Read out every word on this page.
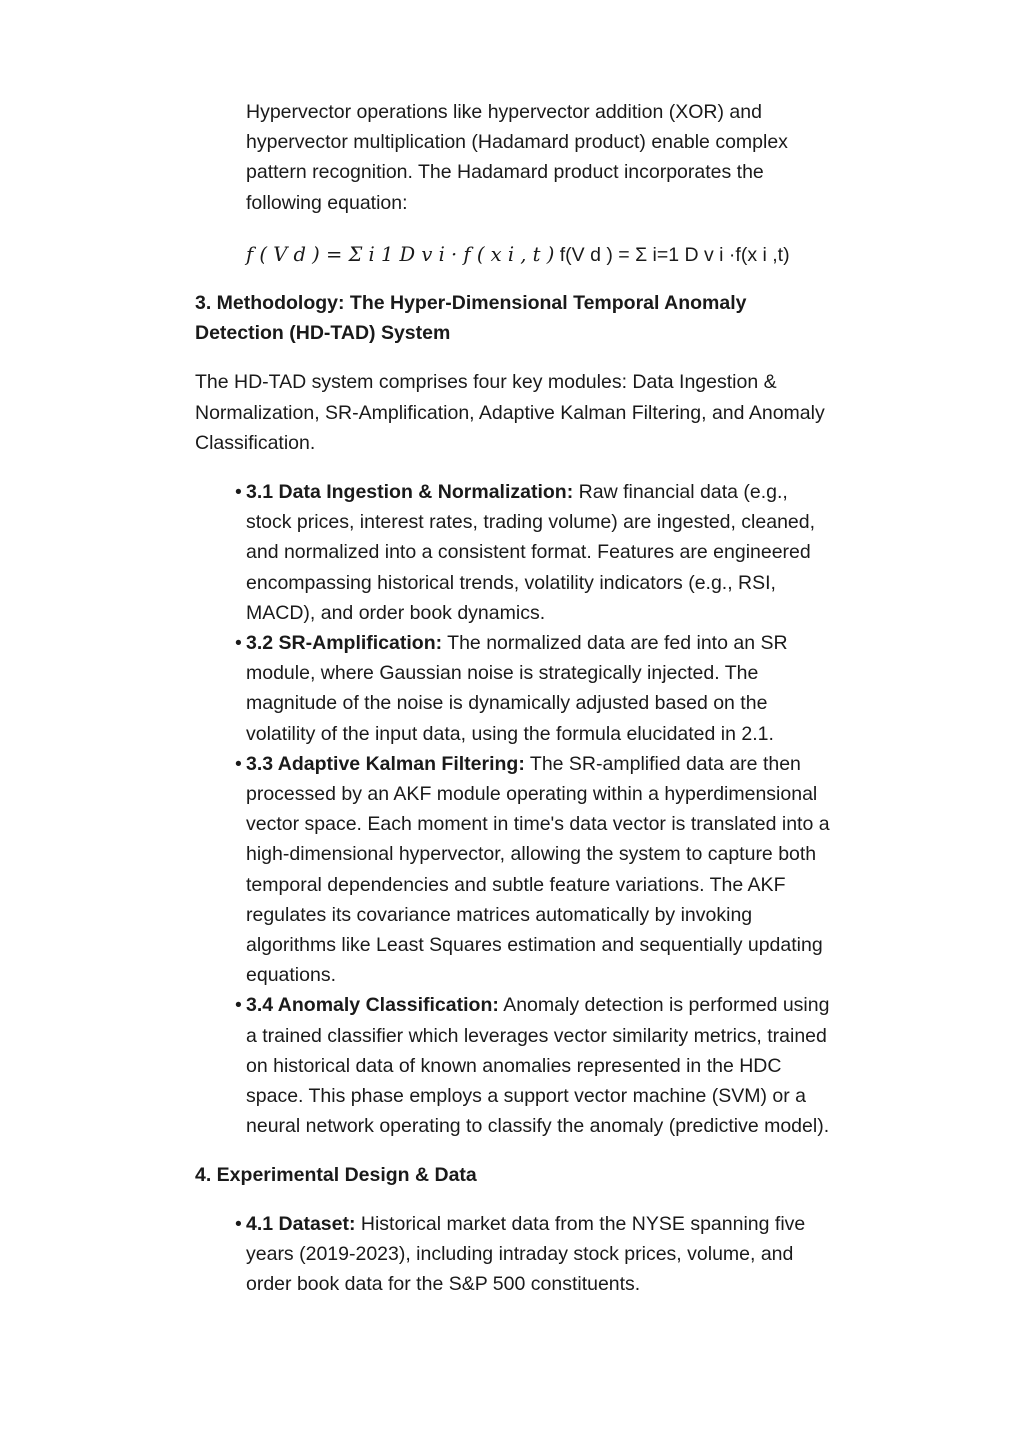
Hypervector operations like hypervector addition (XOR) and hypervector multiplication (Hadamard product) enable complex pattern recognition. The Hadamard product incorporates the following equation:

f ( V d ) = Σ i 1 D v i · f ( x i , t ) f(V d ) = Σ i=1 D v i ·f(x i ,t)

3. Methodology: The Hyper-Dimensional Temporal Anomaly Detection (HD-TAD) System

The HD-TAD system comprises four key modules: Data Ingestion & Normalization, SR-Amplification, Adaptive Kalman Filtering, and Anomaly Classification.

• 3.1 Data Ingestion & Normalization: Raw financial data (e.g., stock prices, interest rates, trading volume) are ingested, cleaned, and normalized into a consistent format. Features are engineered encompassing historical trends, volatility indicators (e.g., RSI, MACD), and order book dynamics.
• 3.2 SR-Amplification: The normalized data are fed into an SR module, where Gaussian noise is strategically injected. The magnitude of the noise is dynamically adjusted based on the volatility of the input data, using the formula elucidated in 2.1.
• 3.3 Adaptive Kalman Filtering: The SR-amplified data are then processed by an AKF module operating within a hyperdimensional vector space. Each moment in time's data vector is translated into a high-dimensional hypervector, allowing the system to capture both temporal dependencies and subtle feature variations. The AKF regulates its covariance matrices automatically by invoking algorithms like Least Squares estimation and sequentially updating equations.
• 3.4 Anomaly Classification: Anomaly detection is performed using a trained classifier which leverages vector similarity metrics, trained on historical data of known anomalies represented in the HDC space. This phase employs a support vector machine (SVM) or a neural network operating to classify the anomaly (predictive model).
4. Experimental Design & Data
• 4.1 Dataset: Historical market data from the NYSE spanning five years (2019-2023), including intraday stock prices, volume, and order book data for the S&P 500 constituents.
